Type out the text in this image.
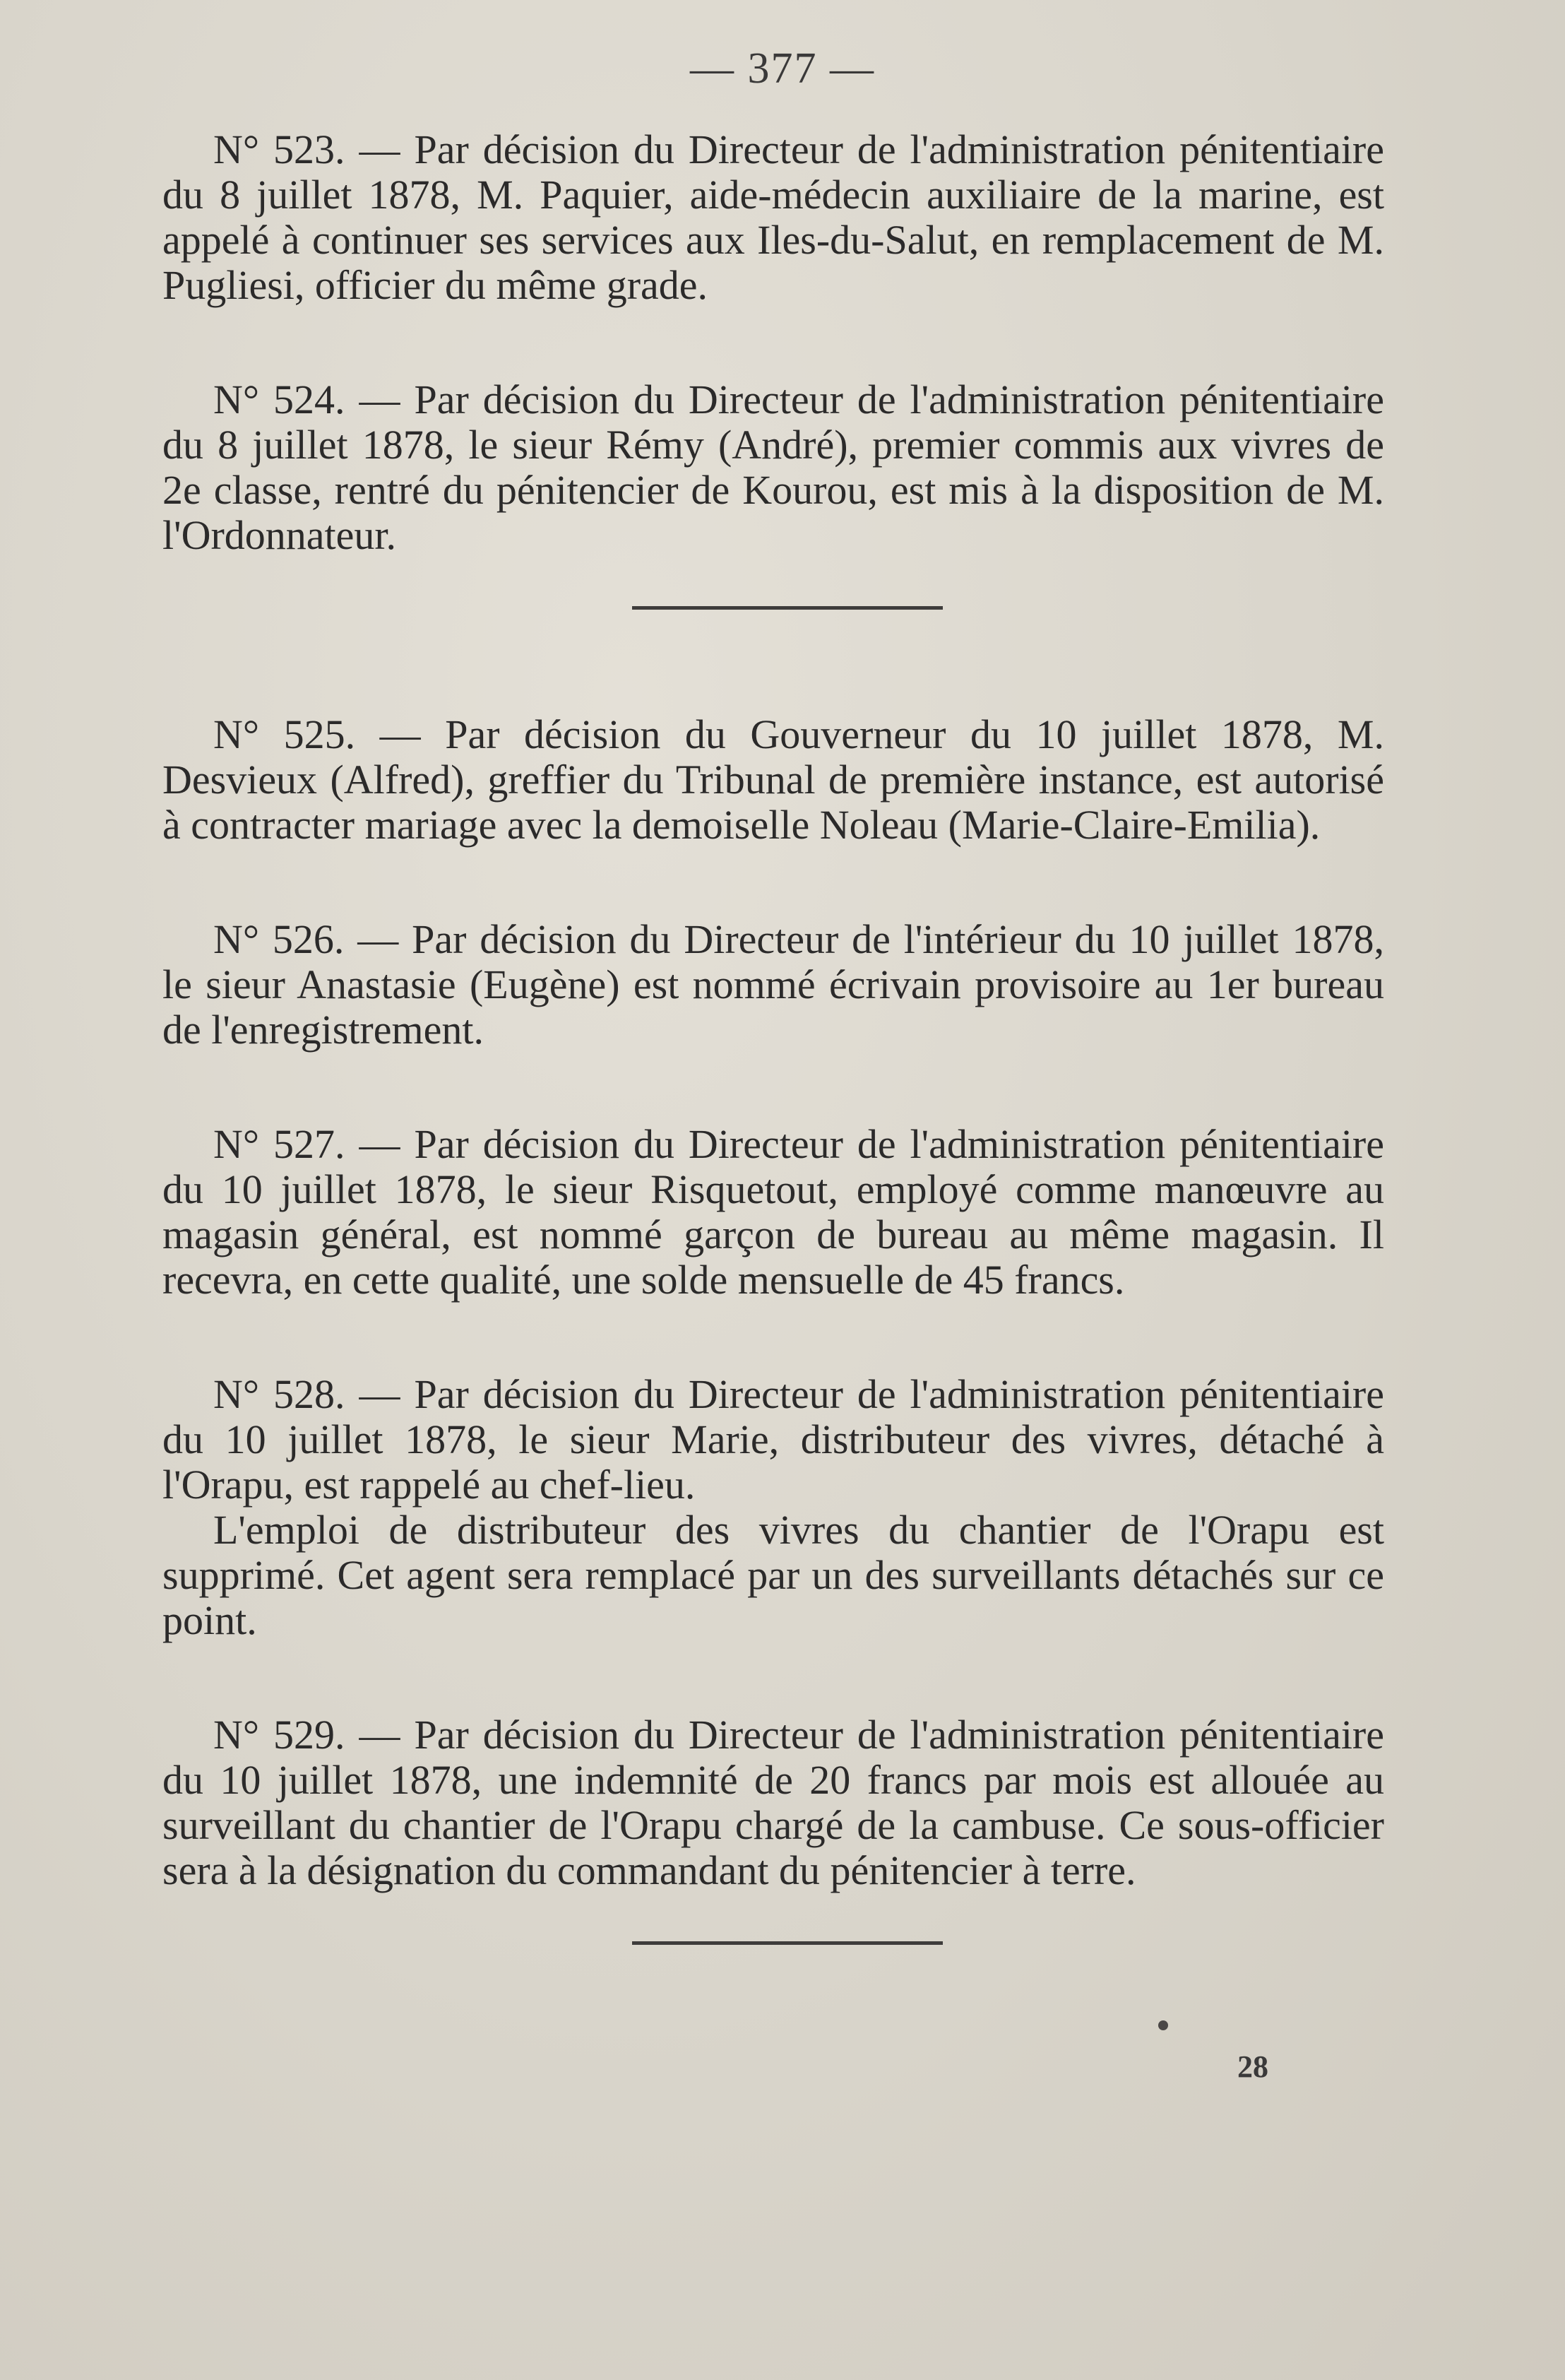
— 377 —

N° 523. — Par décision du Directeur de l'administration pénitentiaire du 8 juillet 1878, M. Paquier, aide-médecin auxiliaire de la marine, est appelé à continuer ses services aux Iles-du-Salut, en remplacement de M. Pugliesi, officier du même grade.

N° 524. — Par décision du Directeur de l'administration pénitentiaire du 8 juillet 1878, le sieur Rémy (André), premier commis aux vivres de 2e classe, rentré du pénitencier de Kourou, est mis à la disposition de M. l'Ordonnateur.

N° 525. — Par décision du Gouverneur du 10 juillet 1878, M. Desvieux (Alfred), greffier du Tribunal de première instance, est autorisé à contracter mariage avec la demoiselle Noleau (Marie-Claire-Emilia).

N° 526. — Par décision du Directeur de l'intérieur du 10 juillet 1878, le sieur Anastasie (Eugène) est nommé écrivain provisoire au 1er bureau de l'enregistrement.

N° 527. — Par décision du Directeur de l'administration pénitentiaire du 10 juillet 1878, le sieur Risquetout, employé comme manœuvre au magasin général, est nommé garçon de bureau au même magasin. Il recevra, en cette qualité, une solde mensuelle de 45 francs.

N° 528. — Par décision du Directeur de l'administration pénitentiaire du 10 juillet 1878, le sieur Marie, distributeur des vivres, détaché à l'Orapu, est rappelé au chef-lieu.

L'emploi de distributeur des vivres du chantier de l'Orapu est supprimé. Cet agent sera remplacé par un des surveillants détachés sur ce point.

N° 529. — Par décision du Directeur de l'administration pénitentiaire du 10 juillet 1878, une indemnité de 20 francs par mois est allouée au surveillant du chantier de l'Orapu chargé de la cambuse. Ce sous-officier sera à la désignation du commandant du pénitencier à terre.

28
